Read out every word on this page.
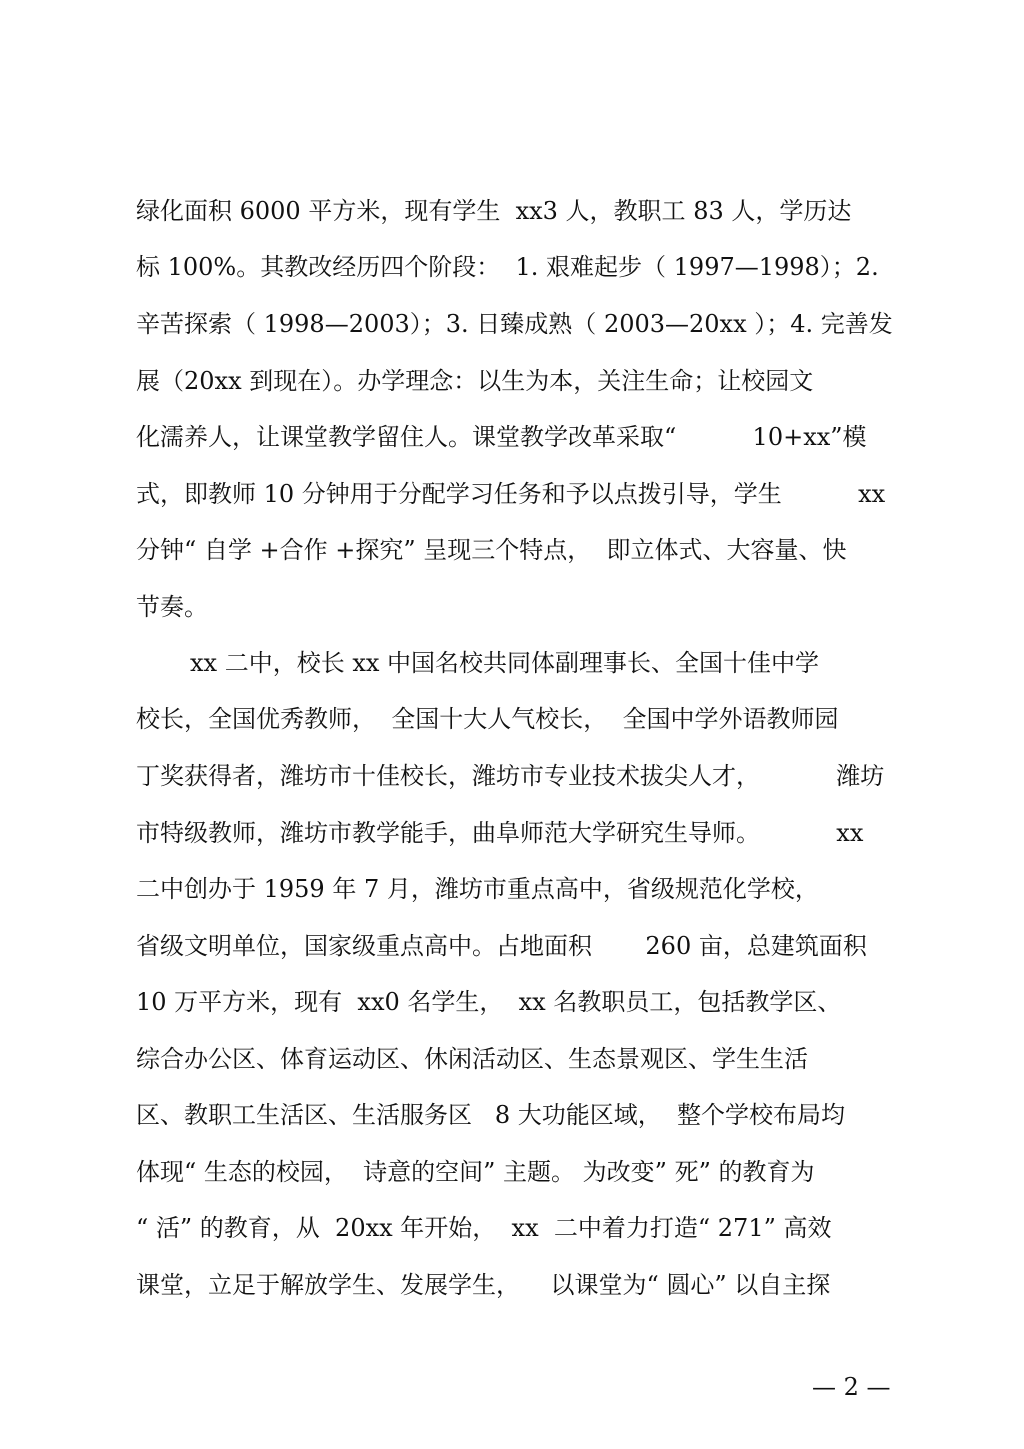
绿化面积 6000 平方米，现有学生  xx3 人，教职工 83 人，学历达
标 100%。其教改经历四个阶段：  1. 艰难起步（ 1997—1998）；2.
辛苦探索（ 1998—2003）；3. 日臻成熟（ 2003—20xx ）；4. 完善发
展（20xx 到现在）。办学理念：以生为本，关注生命；让校园文
化濡养人，让课堂教学留住人。课堂教学改革采取“          10+xx”模
式，即教师 10 分钟用于分配学习任务和予以点拨引导，学生          xx
分钟“ 自学 +合作 +探究” 呈现三个特点，  即立体式、大容量、快
节奏。
xx 二中，校长 xx 中国名校共同体副理事长、全国十佳中学
校长，全国优秀教师，  全国十大人气校长，  全国中学外语教师园
丁奖获得者，潍坊市十佳校长，潍坊市专业技术拔尖人才，          潍坊
市特级教师，潍坊市教学能手，曲阜师范大学研究生导师。          xx
二中创办于 1959 年 7 月，潍坊市重点高中，省级规范化学校，
省级文明单位，国家级重点高中。占地面积       260 亩，总建筑面积
10 万平方米，现有  xx0 名学生，  xx 名教职员工，包括教学区、
综合办公区、体育运动区、休闲活动区、生态景观区、学生生活
区、教职工生活区、生活服务区   8 大功能区域，  整个学校布局均
体现“ 生态的校园，  诗意的空间” 主题。 为改变” 死” 的教育为
“ 活” 的教育，从  20xx 年开始，  xx  二中着力打造“ 271” 高效
课堂，立足于解放学生、发展学生，    以课堂为“ 圆心” 以自主探
— 2 —
